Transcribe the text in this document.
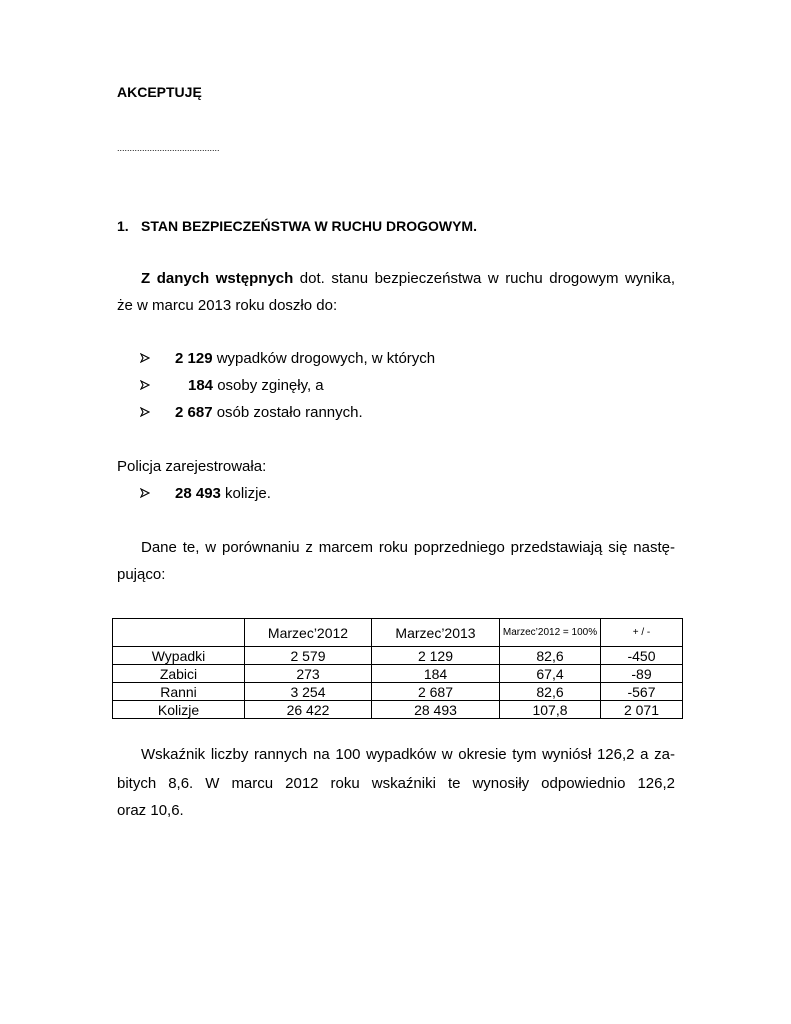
AKCEPTUJĘ
.........................................
1. STAN BEZPIECZEŃSTWA W RUCHU DROGOWYM.
Z danych wstępnych dot. stanu bezpieczeństwa w ruchu drogowym wynika,
że w marcu 2013 roku doszło do:
2 129 wypadków drogowych, w których
184 osoby zginęły, a
2 687 osób zostało rannych.
Policja zarejestrowała:
28 493 kolizje.
Dane te, w porównaniu z marcem roku poprzedniego przedstawiają się nastę-
pująco:
	Marzec’2012	Marzec’2013	Marzec’2012 = 100%	+ / -
Wypadki	2 579	2 129	82,6	-450
Zabici	273	184	67,4	-89
Ranni	3 254	2 687	82,6	-567
Kolizje	26 422	28 493	107,8	2 071
Wskaźnik liczby rannych na 100 wypadków w okresie tym wyniósł 126,2 a za-
bitych 8,6. W marcu 2012 roku wskaźniki te wynosiły odpowiednio 126,2
oraz 10,6.
